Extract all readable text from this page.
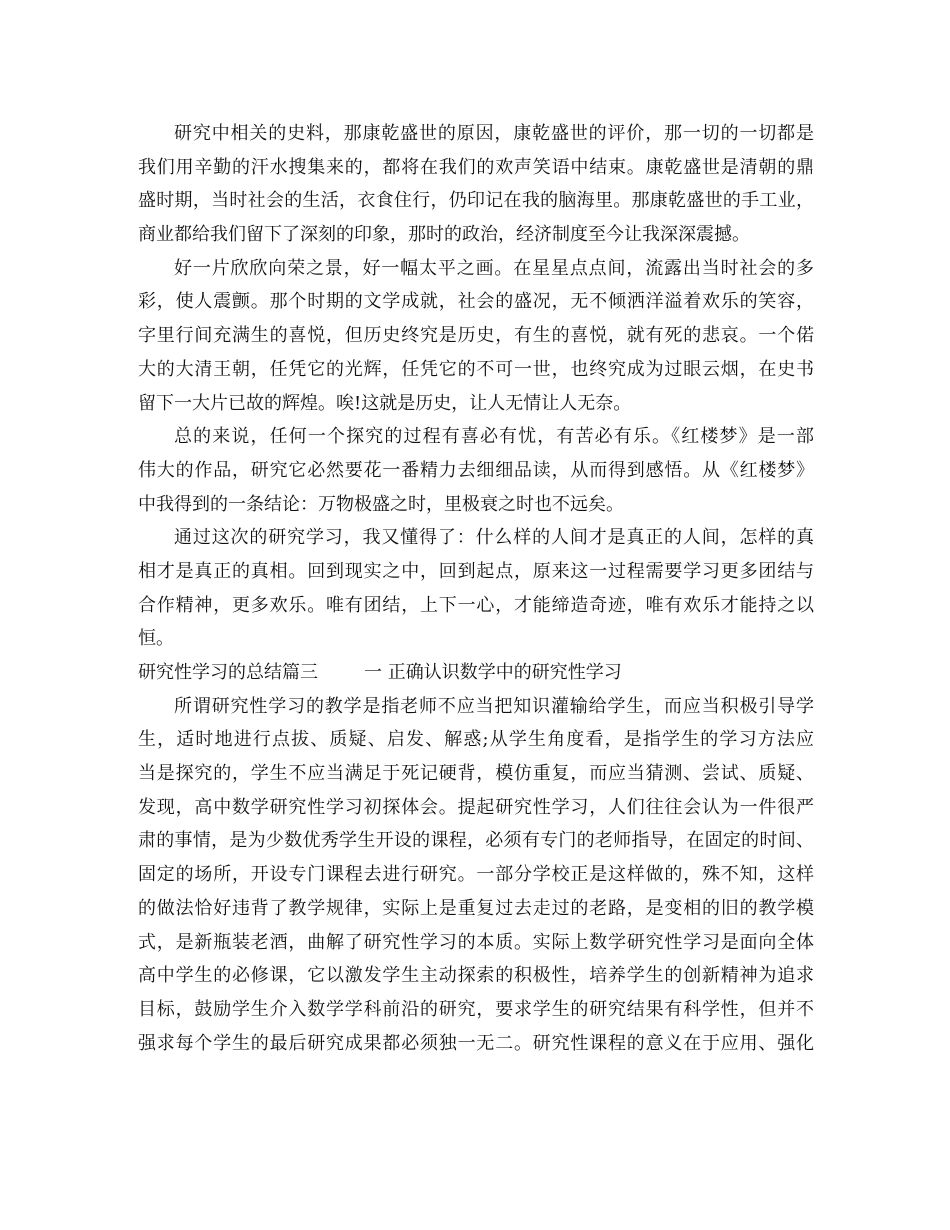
研究中相关的史料，那康乾盛世的原因，康乾盛世的评价，那一切的一切都是
我们用辛勤的汗水搜集来的，都将在我们的欢声笑语中结束。康乾盛世是清朝的鼎
盛时期，当时社会的生活，衣食住行，仍印记在我的脑海里。那康乾盛世的手工业，
商业都给我们留下了深刻的印象，那时的政治，经济制度至今让我深深震撼。
好一片欣欣向荣之景，好一幅太平之画。在星星点点间，流露出当时社会的多
彩，使人震颤。那个时期的文学成就，社会的盛况，无不倾洒洋溢着欢乐的笑容，
字里行间充满生的喜悦，但历史终究是历史，有生的喜悦，就有死的悲哀。一个偌
大的大清王朝，任凭它的光辉，任凭它的不可一世，也终究成为过眼云烟，在史书
留下一大片已故的辉煌。唉!这就是历史，让人无情让人无奈。
总的来说，任何一个探究的过程有喜必有忧，有苦必有乐。《红楼梦》是一部
伟大的作品，研究它必然要花一番精力去细细品读，从而得到感悟。从《红楼梦》
中我得到的一条结论：万物极盛之时，里极衰之时也不远矣。
通过这次的研究学习，我又懂得了：什么样的人间才是真正的人间，怎样的真
相才是真正的真相。回到现实之中，回到起点，原来这一过程需要学习更多团结与
合作精神，更多欢乐。唯有团结，上下一心，才能缔造奇迹，唯有欢乐才能持之以
恒。
研究性学习的总结篇三	一 正确认识数学中的研究性学习
所谓研究性学习的教学是指老师不应当把知识灌输给学生，而应当积极引导学
生，适时地进行点拔、质疑、启发、解惑;从学生角度看，是指学生的学习方法应
当是探究的，学生不应当满足于死记硬背，模仿重复，而应当猜测、尝试、质疑、
发现，高中数学研究性学习初探体会。提起研究性学习，人们往往会认为一件很严
肃的事情，是为少数优秀学生开设的课程，必须有专门的老师指导，在固定的时间、
固定的场所，开设专门课程去进行研究。一部分学校正是这样做的，殊不知，这样
的做法恰好违背了教学规律，实际上是重复过去走过的老路，是变相的旧的教学模
式，是新瓶装老酒，曲解了研究性学习的本质。实际上数学研究性学习是面向全体
高中学生的必修课，它以激发学生主动探索的积极性，培养学生的创新精神为追求
目标，鼓励学生介入数学学科前沿的研究，要求学生的研究结果有科学性，但并不
强求每个学生的最后研究成果都必须独一无二。研究性课程的意义在于应用、强化
